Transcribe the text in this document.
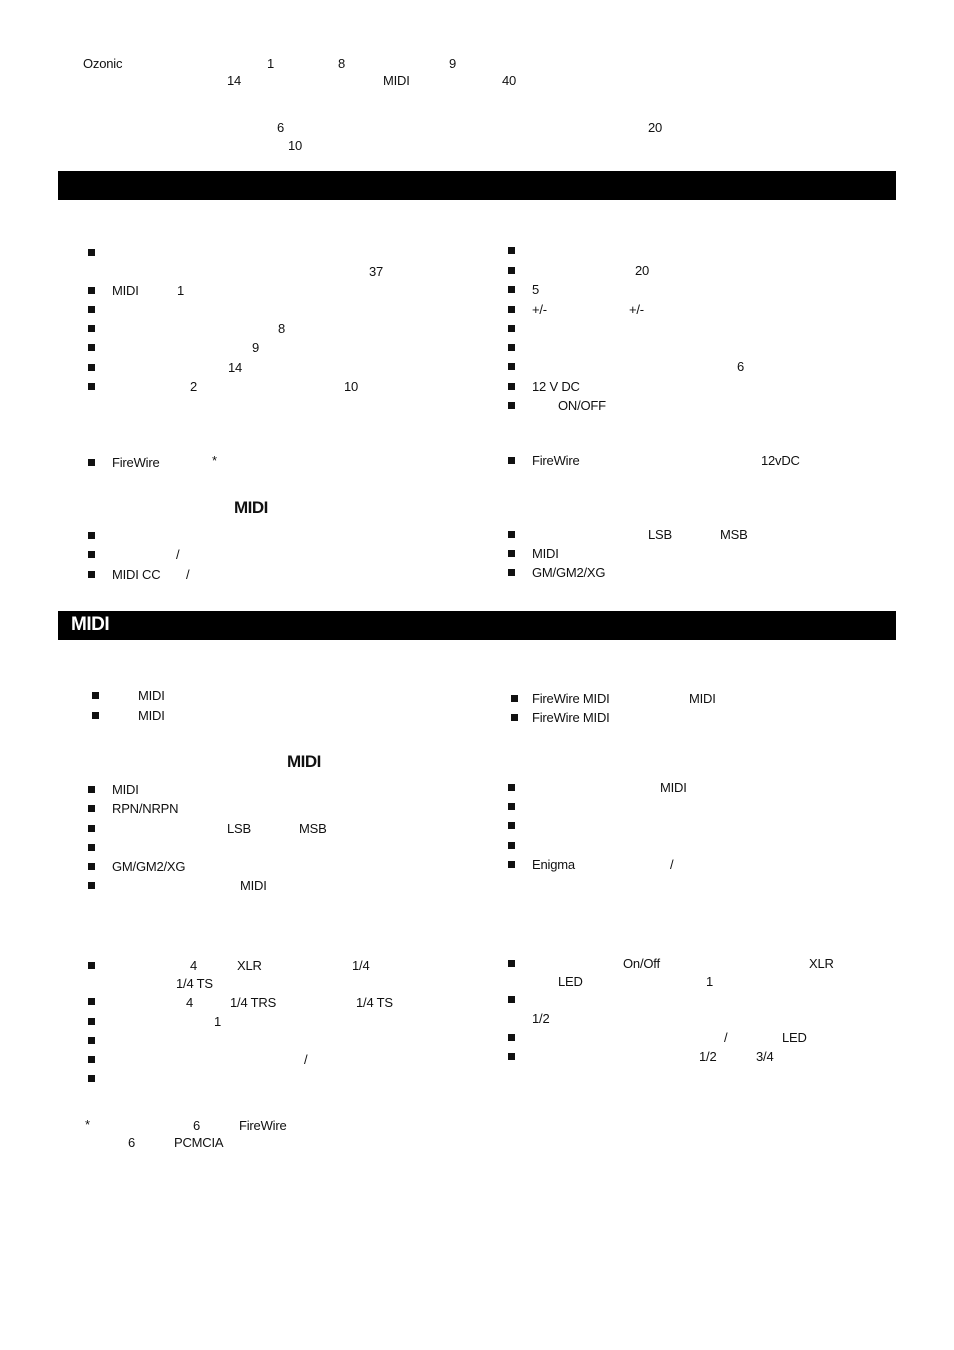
Ozonic	1	8	9
14	MIDI	40
6	20
10
37
MIDI	1
8
9
14
2	10
20
5
+/-	+/-
6
12 V DC
ON/OFF
FireWire	*	FireWire	12vDC
MIDI
/
MIDI CC /
LSB	MSB
MIDI
GM/GM2/XG
MIDI
MIDI
MIDI
FireWire MIDI	MIDI
FireWire MIDI
MIDI
MIDI
RPN/NRPN
LSB	MSB
GM/GM2/XG
MIDI
MIDI
Enigma	/
4	XLR	1/4
1/4 TS
4	1/4 TRS	1/4 TS
1
/
On/Off	XLR
LED	1
1/2
/	LED
1/2	3/4
*	6	FireWire
6	PCMCIA
